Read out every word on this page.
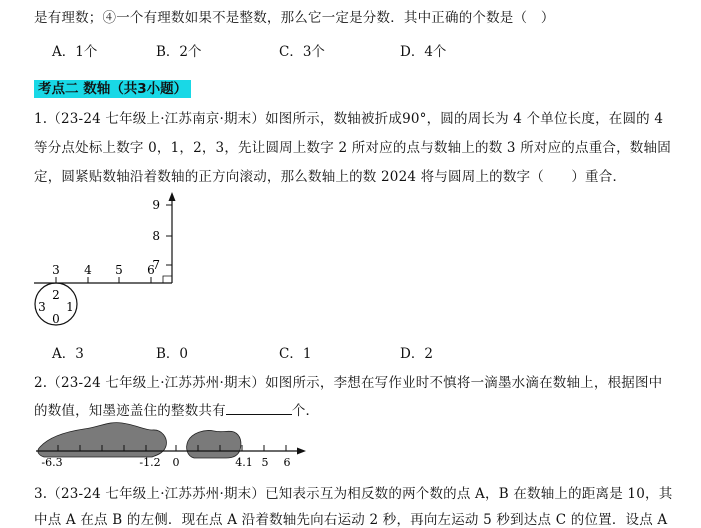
是有理数；④一个有理数如果不是整数，那么它一定是分数．其中正确的个数是（　）
A．1个	B．2个	C．3个	D．4个
考点二 数轴（共3小题）
1.（23-24 七年级上·江苏南京·期末）如图所示，数轴被折成90°，圆的周长为 4 个单位长度，在圆的 4
等分点处标上数字 0，1，2，3，先让圆周上数字 2 所对应的点与数轴上的数 3 所对应的点重合，数轴固
定，圆紧贴数轴沿着数轴的正方向滚动，那么数轴上的数 2024 将与圆周上的数字（　　）重合．
9
8
7
3 4 5 6
2
3 1
0
A．3	B．0	C．1	D．2
2.（23-24 七年级上·江苏苏州·期末）如图所示，李想在写作业时不慎将一滴墨水滴在数轴上，根据图中
的数值，知墨迹盖住的整数共有	个．
-6.3	-1.2 0	4.1 5 6
3.（23-24 七年级上·江苏苏州·期末）已知表示互为相反数的两个数的点 A，B 在数轴上的距离是 10，其
中点 A 在点 B 的左侧．现在点 A 沿着数轴先向右运动 2 秒，再向左运动 5 秒到达点 C 的位置．设点 A
